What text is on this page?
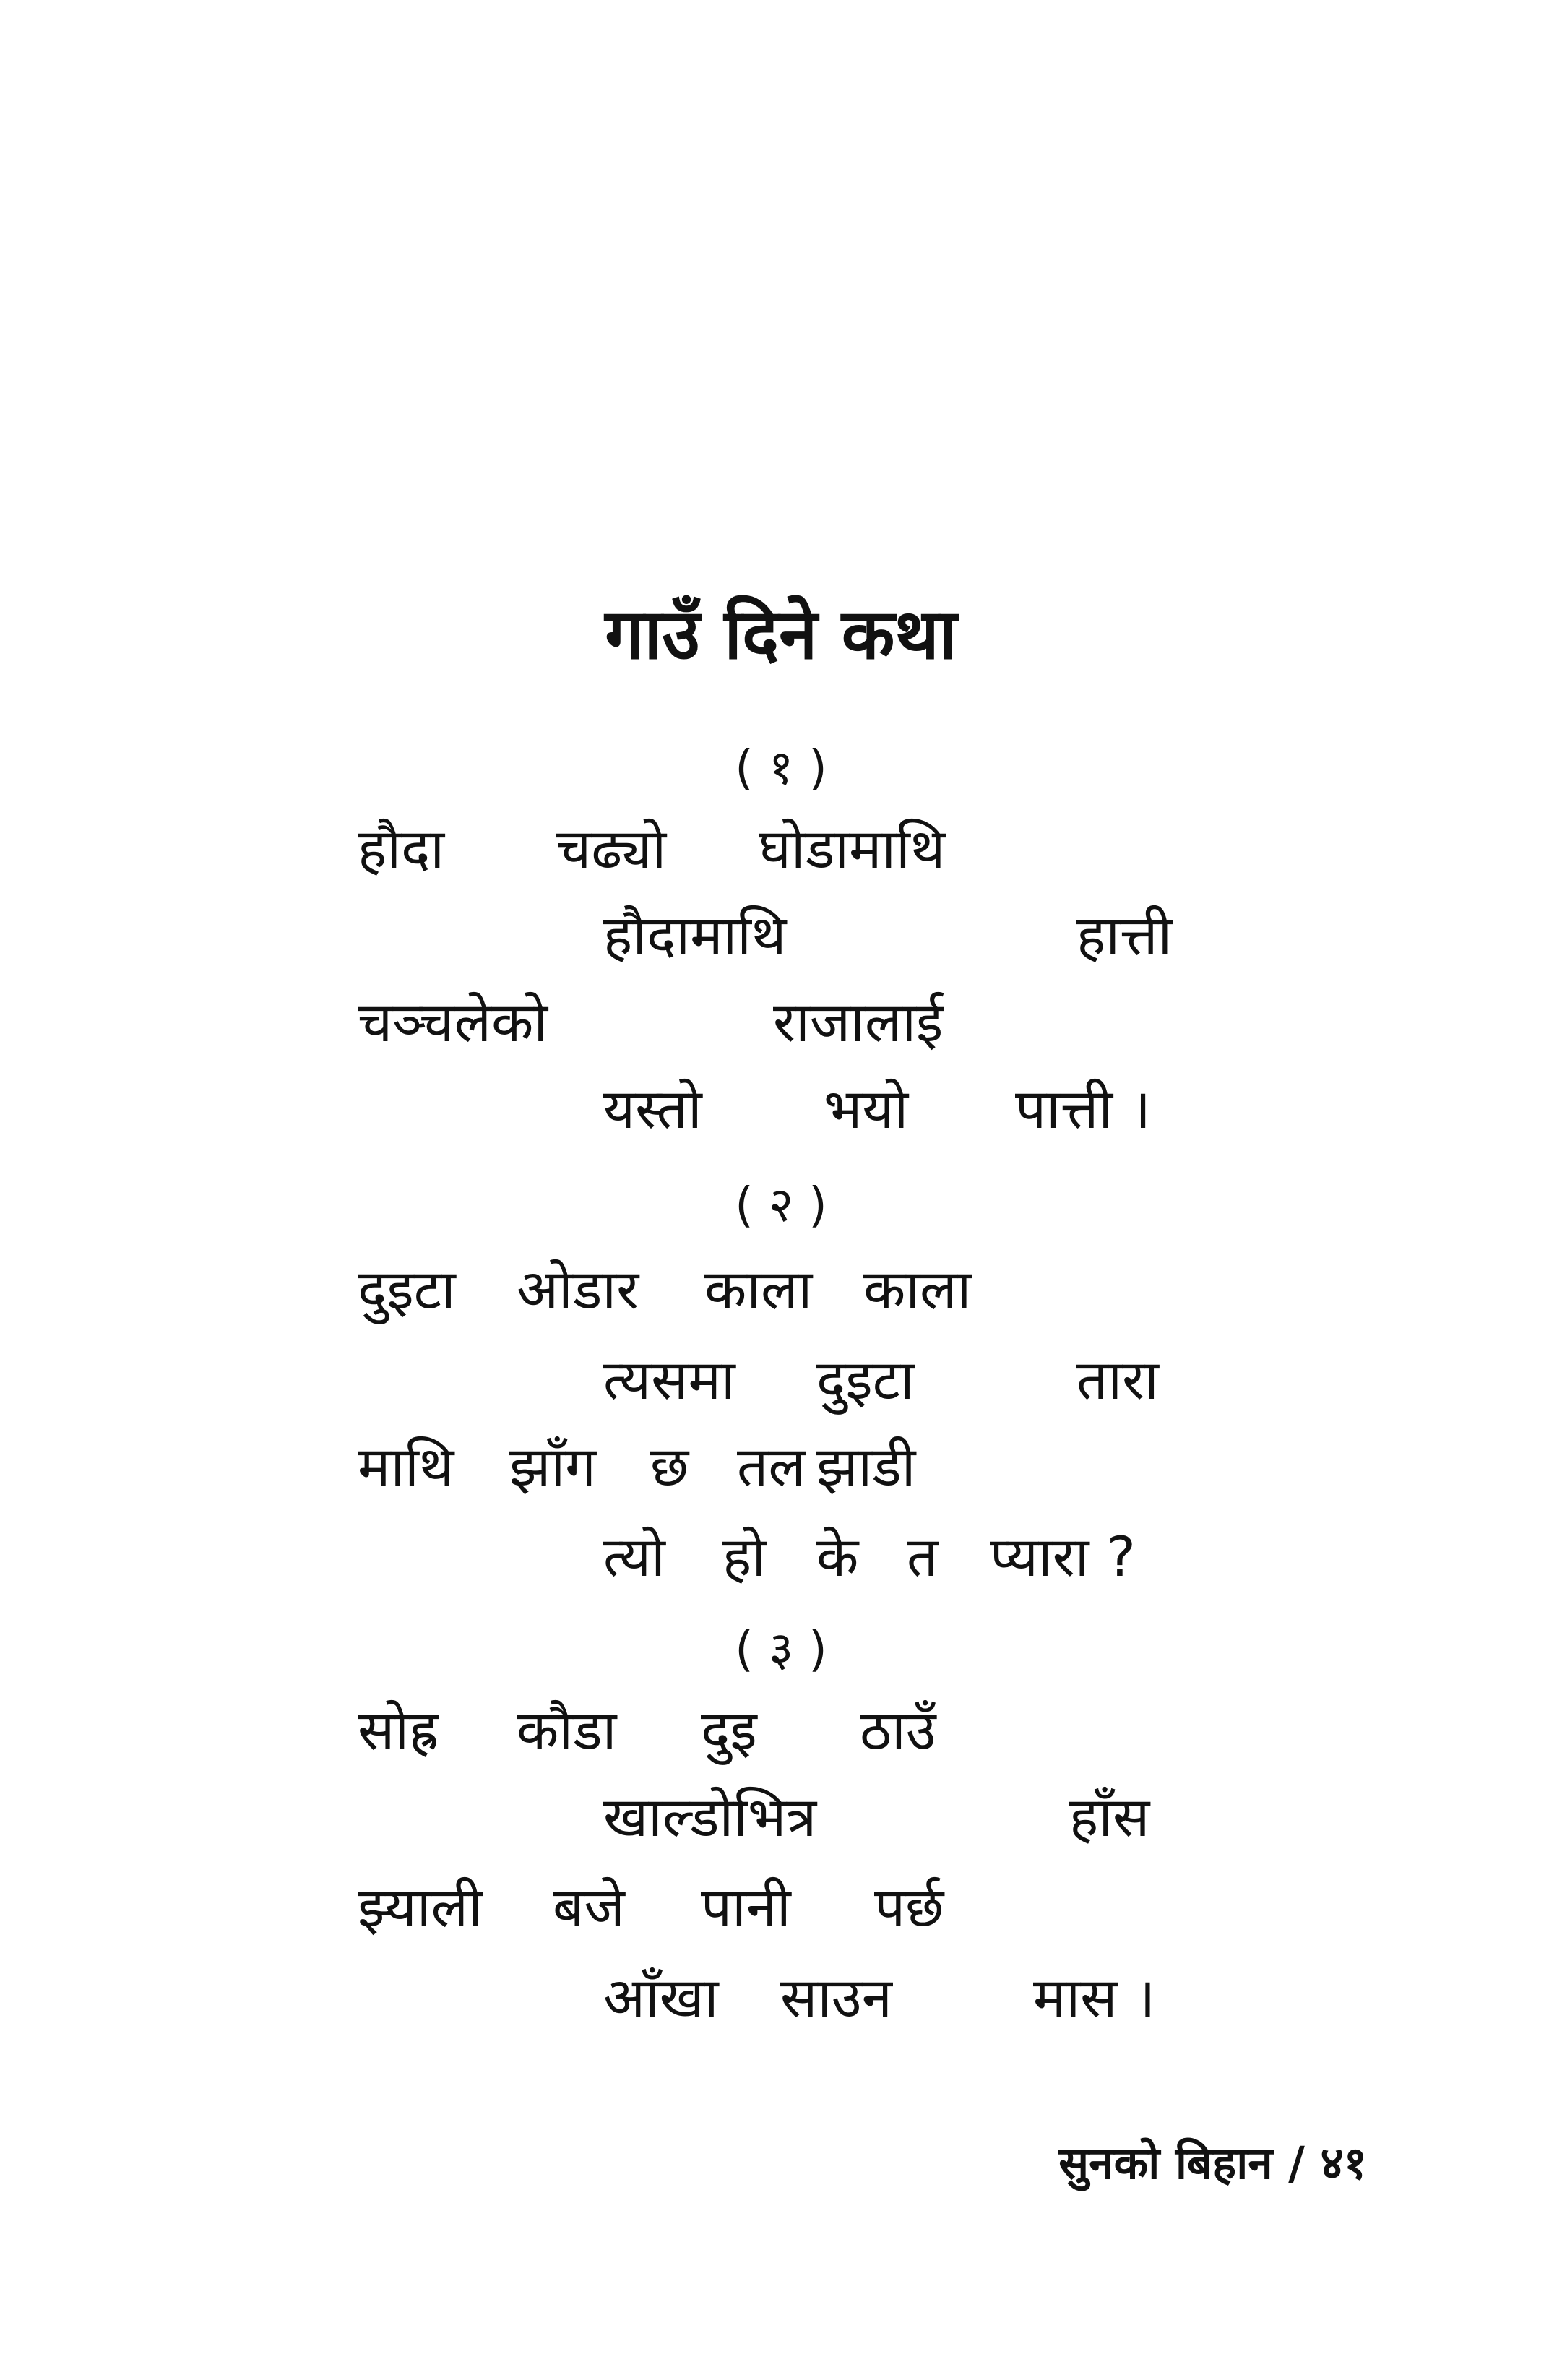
गाउँ दिने कथा
( १ )
हौदा चढ्यो घोडामाथि
हौदामाथि	हात्ती
चञ्चलेको	राजालाई
यस्तो भयो पात्ती ।
( २ )
दुइटा ओडार काला काला
त्यसमा दुइटा	तारा
माथि झाँग छ तल झाडी
त्यो हो के त प्यारा ?
( ३ )
सोह्र कौडा दुइ ठाउँ
खाल्डोभित्र	हाँस
झ्याली बजे पानी पर्छ
आँखा साउन	मास ।
सुनको बिहान / ४१
